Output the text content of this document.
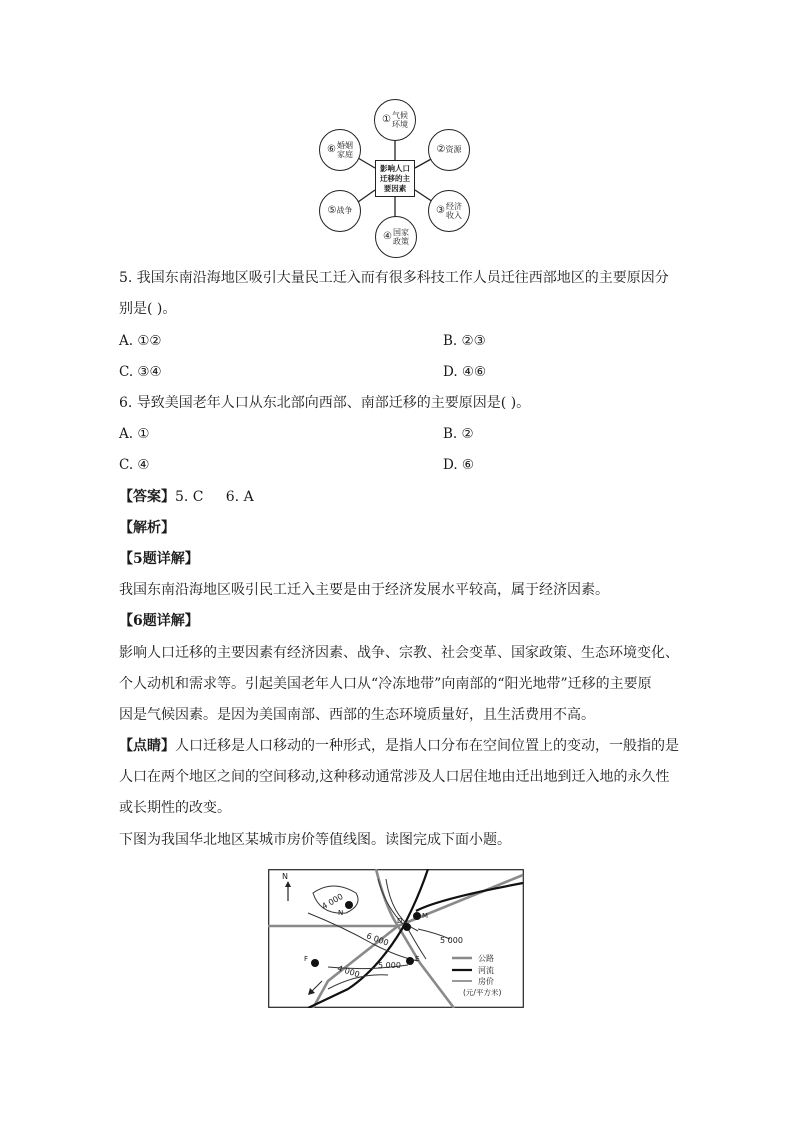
① 气候环境
② 资源
③ 经济收入
④ 国家政策
⑤ 战争
⑥ 婚姻家庭
影响人口迁移的主要因素
5. 我国东南沿海地区吸引大量民工迁入而有很多科技工作人员迁往西部地区的主要原因分
别是( )。
A. ①②	B. ②③
C. ③④	D. ④⑥
6. 导致美国老年人口从东北部向西部、南部迁移的主要原因是( )。
A. ①	B. ②
C. ④	D. ⑥
【答案】5. C     6. A
【解析】
【5题详解】
我国东南沿海地区吸引民工迁入主要是由于经济发展水平较高，属于经济因素。
【6题详解】
影响人口迁移的主要因素有经济因素、战争、宗教、社会变革、国家政策、生态环境变化、
个人动机和需求等。引起美国老年人口从“冷冻地带”向南部的“阳光地带”迁移的主要原
因是气候因素。是因为美国南部、西部的生态环境质量好，且生活费用不高。
【点睛】人口迁移是人口移动的一种形式，是指人口分布在空间位置上的变动，一般指的是
人口在两个地区之间的空间移动,这种移动通常涉及人口居住地由迁出地到迁入地的永久性
或长期性的改变。
下图为我国华北地区某城市房价等值线图。读图完成下面小题。
N
4 000
6 000	5 000
4 000 5 000
N
D
M
F	E	公路
河流
房价
(元/平方米)
